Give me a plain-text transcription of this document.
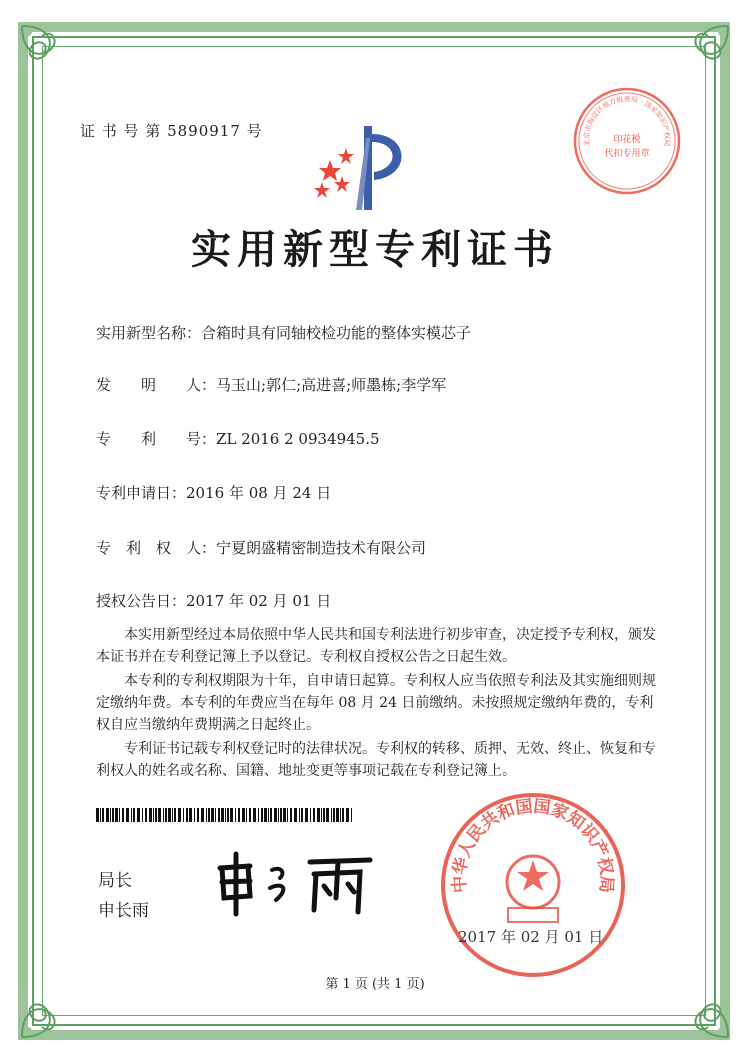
证 书 号 第 5890917 号
实用新型专利证书
实用新型名称：合箱时具有同轴校检功能的整体实模芯子
发　　明　　人：马玉山;郭仁;高进喜;师墨栋;李学军
专　　利　　号：ZL 2016 2 0934945.5
专利申请日：2016 年 08 月 24 日
专　利　权　人：宁夏朗盛精密制造技术有限公司
授权公告日：2017 年 02 月 01 日

本实用新型经过本局依照中华人民共和国专利法进行初步审查，决定授予专利权，颁发本证书并在专利登记簿上予以登记。专利权自授权公告之日起生效。

本专利的专利权期限为十年，自申请日起算。专利权人应当依照专利法及其实施细则规定缴纳年费。本专利的年费应当在每年 08 月 24 日前缴纳。未按照规定缴纳年费的，专利权自应当缴纳年费期满之日起终止。

专利证书记载专利权登记时的法律状况。专利权的转移、质押、无效、终止、恢复和专利权人的姓名或名称、国籍、地址变更等事项记载在专利登记簿上。

局长
申长雨
中华人民共和国国家知识产权局
2017 年 02 月 01 日
北京市海淀区地方税务局 · 国家知识产权局
印花税
代扣专用章
第 1 页 (共 1 页)
